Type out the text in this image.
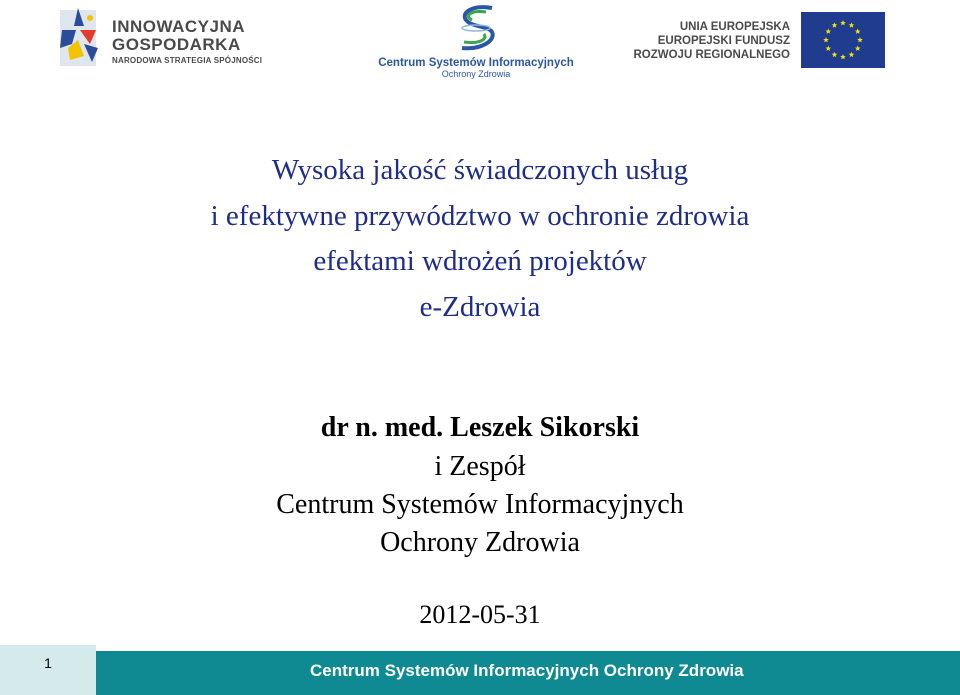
INNOWACYJNA
GOSPODARKA
NARODOWA STRATEGIA SPÓJNOŚCI	Centrum Systemów Informacyjnych
Ochrony Zdrowia
UNIA EUROPEJSKA
EUROPEJSKI FUNDUSZ
ROZWOJU REGIONALNEGO
Wysoka jakość świadczonych usług
i efektywne przywództwo w ochronie zdrowia
efektami wdrożeń projektów
e-Zdrowia
dr n. med. Leszek Sikorski
i Zespół
Centrum Systemów Informacyjnych
Ochrony Zdrowia
2012-05-31
1	Centrum Systemów Informacyjnych Ochrony Zdrowia
